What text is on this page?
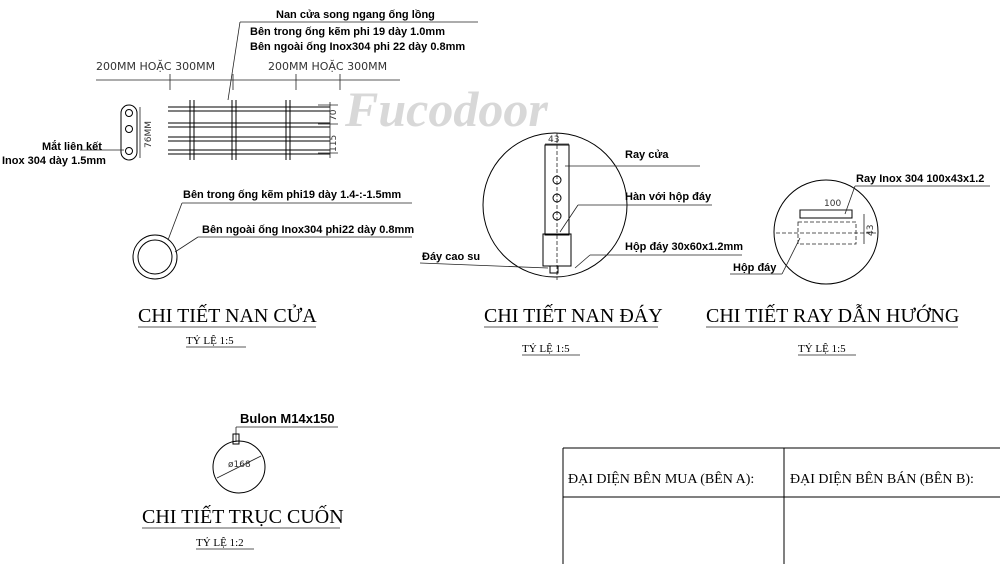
Fucodoor
Nan cửa song ngang ống lồng
Bên trong ống kẽm phi 19 dày 1.0mm
Bên ngoài ống Inox304 phi 22 dày 0.8mm
200MM HOẶC 300MM	200MM HOẶC 300MM
70
115
76MM
Mắt liên kết
Inox 304 dày 1.5mm
Bên trong ống kẽm phi19 dày 1.4-:-1.5mm
Bên ngoài ống Inox304 phi22 dày 0.8mm
CHI TIẾT NAN CỬA
TỶ LỆ 1:5
43
Ray cửa
Hàn với hộp đáy
Hộp đáy 30x60x1.2mm
Đáy cao su
CHI TIẾT NAN ĐÁY
TỶ LỆ 1:5
100
43
Ray Inox 304 100x43x1.2
Hộp đáy
CHI TIẾT RAY DẪN HƯỚNG
TỶ LỆ 1:5
Bulon M14x150
ø168
CHI TIẾT TRỤC CUỐN
TỶ LỆ 1:2
ĐẠI DIỆN BÊN MUA (BÊN A):	ĐẠI DIỆN BÊN BÁN (BÊN B):
